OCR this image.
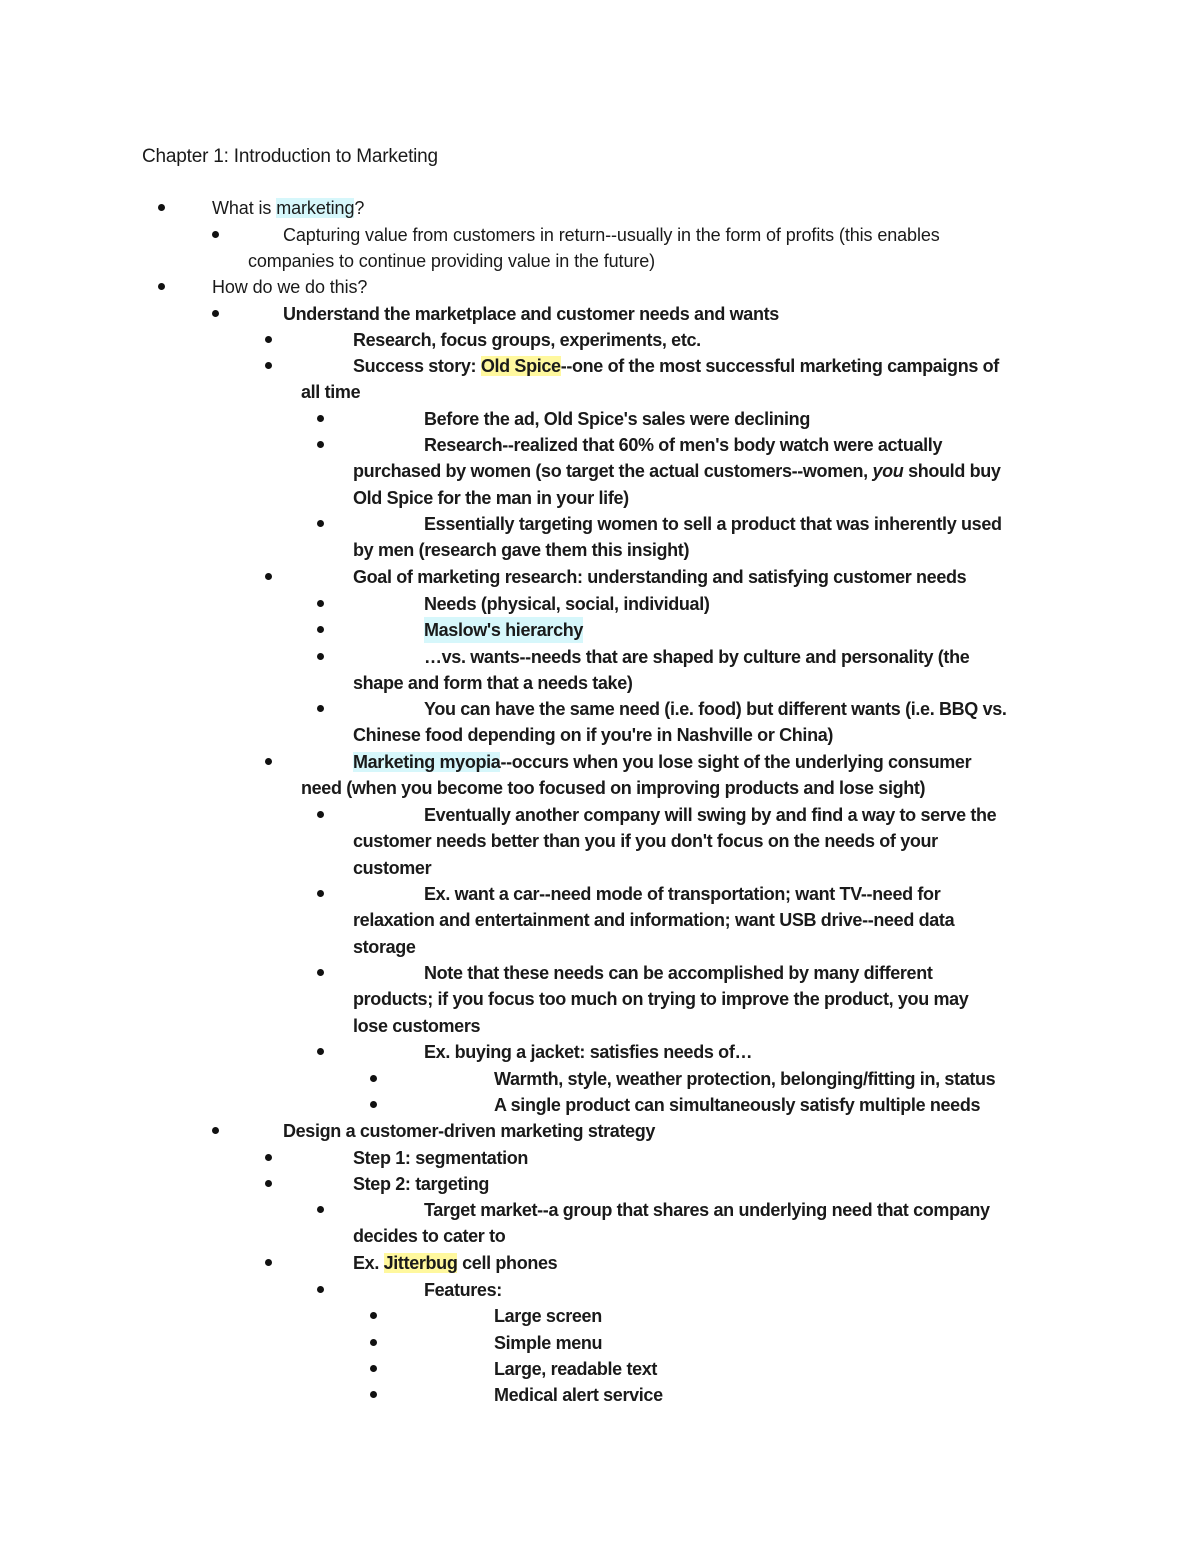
Chapter 1: Introduction to Marketing
What is marketing?
Capturing value from customers in return--usually in the form of profits (this enables
companies to continue providing value in the future)
How do we do this?
Understand the marketplace and customer needs and wants
Research, focus groups, experiments, etc.
Success story: Old Spice--one of the most successful marketing campaigns of
all time
Before the ad, Old Spice's sales were declining
Research--realized that 60% of men's body watch were actually
purchased by women (so target the actual customers--women, you should buy
Old Spice for the man in your life)
Essentially targeting women to sell a product that was inherently used
by men (research gave them this insight)
Goal of marketing research: understanding and satisfying customer needs
Needs (physical, social, individual)
Maslow's hierarchy
…vs. wants--needs that are shaped by culture and personality (the
shape and form that a needs take)
You can have the same need (i.e. food) but different wants (i.e. BBQ vs.
Chinese food depending on if you're in Nashville or China)
Marketing myopia--occurs when you lose sight of the underlying consumer
need (when you become too focused on improving products and lose sight)
Eventually another company will swing by and find a way to serve the
customer needs better than you if you don't focus on the needs of your
customer
Ex. want a car--need mode of transportation; want TV--need for
relaxation and entertainment and information; want USB drive--need data
storage
Note that these needs can be accomplished by many different
products; if you focus too much on trying to improve the product, you may
lose customers
Ex. buying a jacket: satisfies needs of…
Warmth, style, weather protection, belonging/fitting in, status
A single product can simultaneously satisfy multiple needs
Design a customer-driven marketing strategy
Step 1: segmentation
Step 2: targeting
Target market--a group that shares an underlying need that company
decides to cater to
Ex. Jitterbug cell phones
Features:
Large screen
Simple menu
Large, readable text
Medical alert service
